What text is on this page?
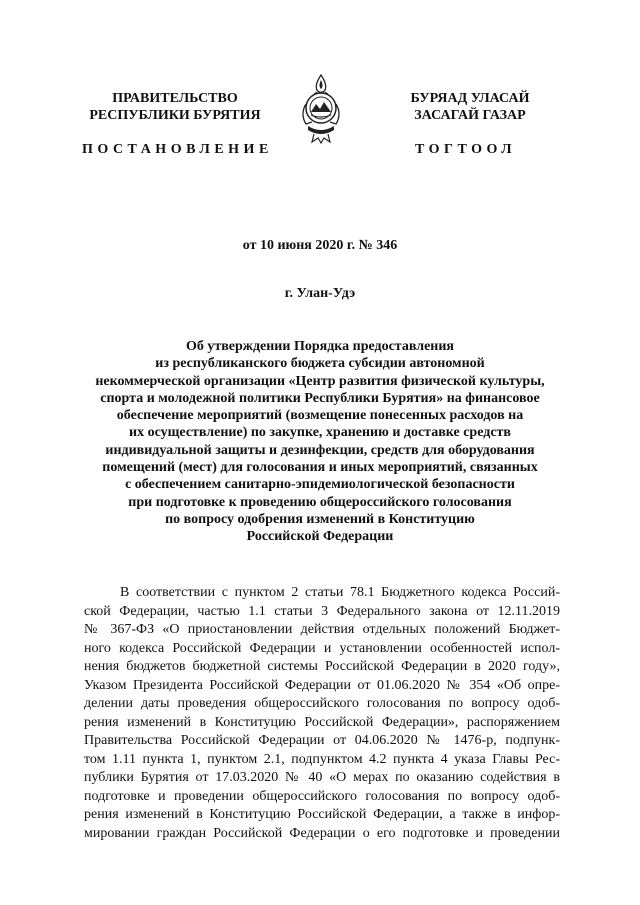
ПРАВИТЕЛЬСТВО
РЕСПУБЛИКИ БУРЯТИЯ
БУРЯАД УЛАСАЙ
ЗАСАГАЙ ГАЗАР
ПОСТАНОВЛЕНИЕ	ТОГТООЛ
от 10 июня 2020 г. № 346
г. Улан-Удэ
Об утверждении Порядка предоставления
из республиканского бюджета субсидии автономной
некоммерческой организации «Центр развития физической культуры,
спорта и молодежной политики Республики Бурятия» на финансовое
обеспечение мероприятий (возмещение понесенных расходов на
их осуществление) по закупке, хранению и доставке средств
индивидуальной защиты и дезинфекции, средств для оборудования
помещений (мест) для голосования и иных мероприятий, связанных
с обеспечением санитарно-эпидемиологической безопасности
при подготовке к проведению общероссийского голосования
по вопросу одобрения изменений в Конституцию
Российской Федерации
В соответствии с пунктом 2 статьи 78.1 Бюджетного кодекса Россий-
ской Федерации, частью 1.1 статьи 3 Федерального закона от 12.11.2019
№ 367-ФЗ «О приостановлении действия отдельных положений Бюджет-
ного кодекса Российской Федерации и установлении особенностей испол-
нения бюджетов бюджетной системы Российской Федерации в 2020 году»,
Указом Президента Российской Федерации от 01.06.2020 № 354 «Об опре-
делении даты проведения общероссийского голосования по вопросу одоб-
рения изменений в Конституцию Российской Федерации», распоряжением
Правительства Российской Федерации от 04.06.2020 № 1476-р, подпунк-
том 1.11 пункта 1, пунктом 2.1, подпунктом 4.2 пункта 4 указа Главы Рес-
публики Бурятия от 17.03.2020 № 40 «О мерах по оказанию содействия в
подготовке и проведении общероссийского голосования по вопросу одоб-
рения изменений в Конституцию Российской Федерации, а также в инфор-
мировании граждан Российской Федерации о его подготовке и проведении
